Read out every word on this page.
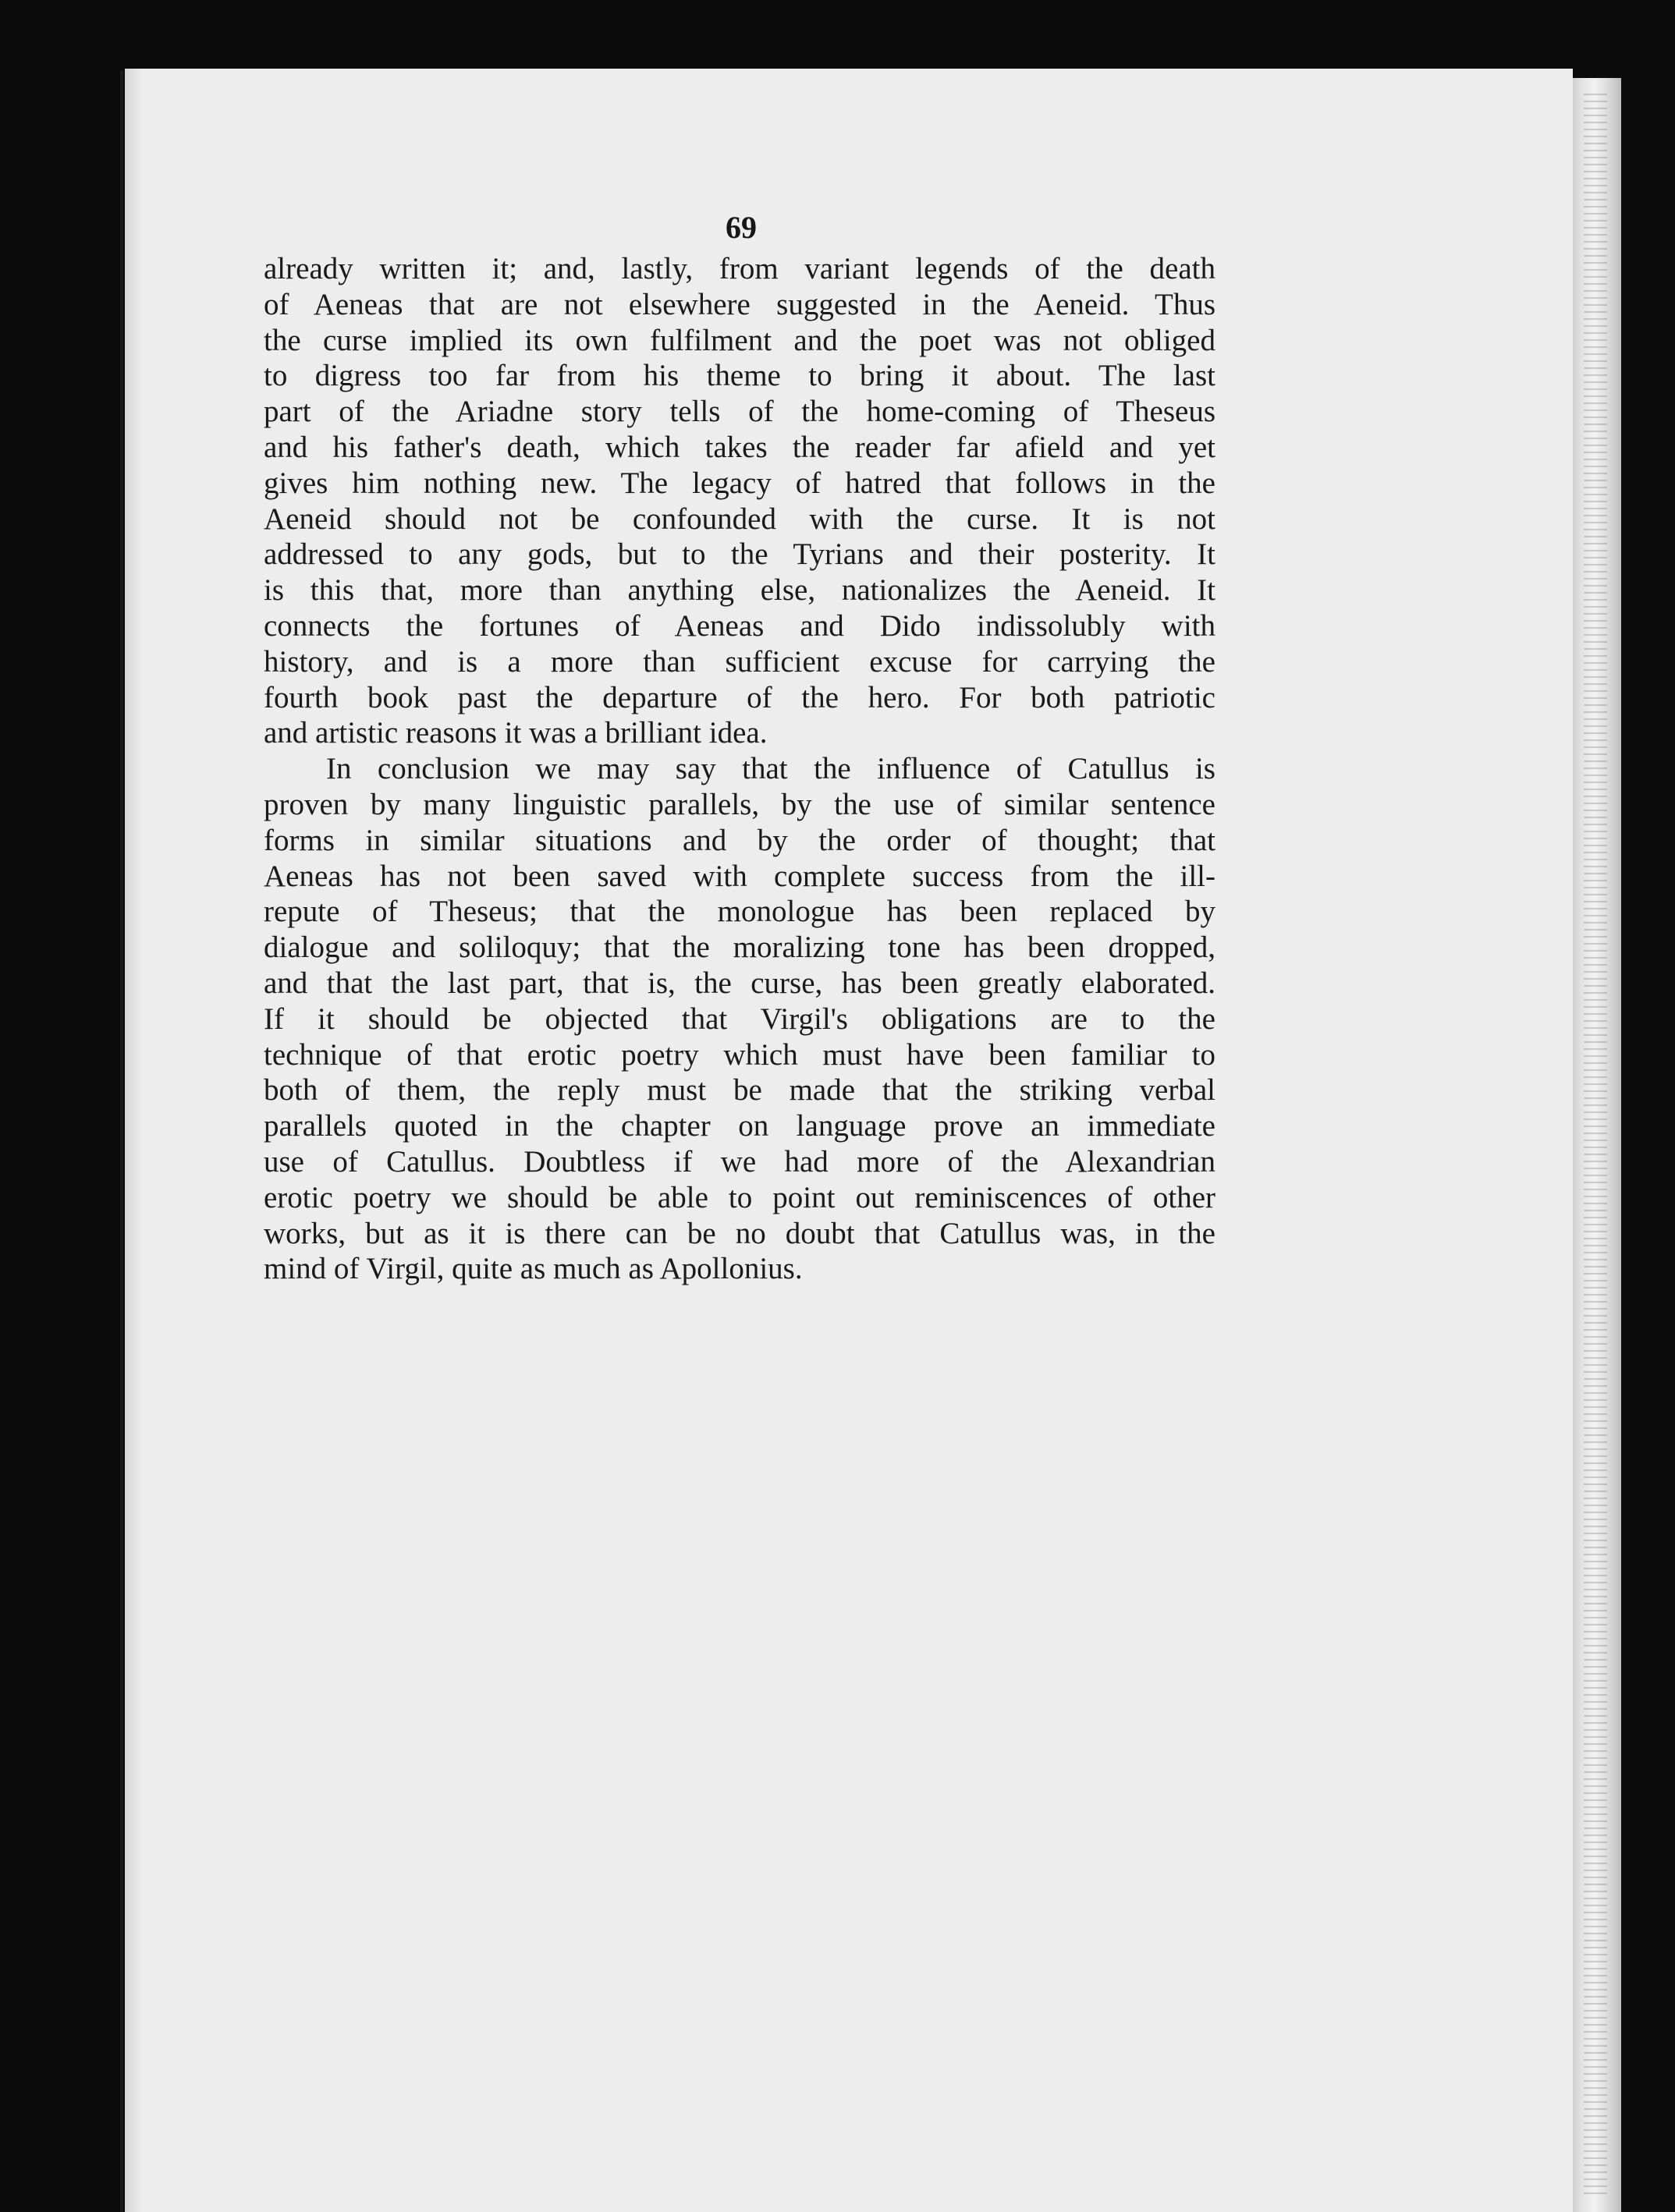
69
already written it; and, lastly, from variant legends of the death
of Aeneas that are not elsewhere suggested in the Aeneid. Thus
the curse implied its own fulfilment and the poet was not obliged
to digress too far from his theme to bring it about. The last
part of the Ariadne story tells of the home-coming of Theseus
and his father's death, which takes the reader far afield and yet
gives him nothing new. The legacy of hatred that follows in the
Aeneid should not be confounded with the curse. It is not
addressed to any gods, but to the Tyrians and their posterity. It
is this that, more than anything else, nationalizes the Aeneid. It
connects the fortunes of Aeneas and Dido indissolubly with
history, and is a more than sufficient excuse for carrying the
fourth book past the departure of the hero. For both patriotic
and artistic reasons it was a brilliant idea.
In conclusion we may say that the influence of Catullus is
proven by many linguistic parallels, by the use of similar sentence
forms in similar situations and by the order of thought; that
Aeneas has not been saved with complete success from the ill-
repute of Theseus; that the monologue has been replaced by
dialogue and soliloquy; that the moralizing tone has been dropped,
and that the last part, that is, the curse, has been greatly elaborated.
If it should be objected that Virgil's obligations are to the
technique of that erotic poetry which must have been familiar to
both of them, the reply must be made that the striking verbal
parallels quoted in the chapter on language prove an immediate
use of Catullus. Doubtless if we had more of the Alexandrian
erotic poetry we should be able to point out reminiscences of other
works, but as it is there can be no doubt that Catullus was, in the
mind of Virgil, quite as much as Apollonius.
